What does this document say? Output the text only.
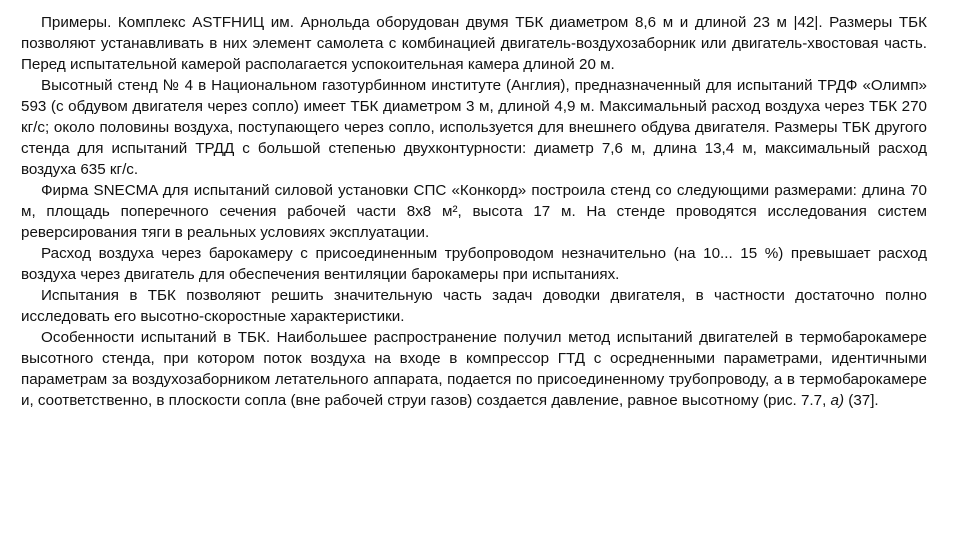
Примеры. Комплекс ASTFНИЦ им. Арнольда оборудован двумя ТБК диаметром 8,6 м и длиной 23 м |42|. Размеры ТБК позволяют устанавливать в них элемент самолета с комбинацией двигатель-воздухозаборник или двигатель-хвостовая часть. Перед испытательной камерой располагается успокоительная камера длиной 20 м.

Высотный стенд № 4 в Национальном газотурбинном институте (Англия), предназначенный для испытаний ТРДФ «Олимп» 593 (с обдувом двигателя через сопло) имеет ТБК диаметром 3 м, длиной 4,9 м. Максимальный расход воздуха через ТБК 270 кг/с; около половины воздуха, поступающего через сопло, используется для внешнего обдува двигателя. Размеры ТБК другого стенда для испытаний ТРДД с большой степенью двухконтурности: диаметр 7,6 м, длина 13,4 м, максимальный расход воздуха 635 кг/с.

Фирма SNECMA для испытаний силовой установки СПС «Конкорд» построила стенд со следующими размерами: длина 70 м, площадь поперечного сечения рабочей части 8х8 м², высота 17 м. На стенде проводятся исследования систем реверсирования тяги в реальных условиях эксплуатации.

Расход воздуха через барокамеру с присоединенным трубопроводом незначительно (на 10... 15 %) превышает расход воздуха через двигатель для обеспечения вентиляции барокамеры при испытаниях.

Испытания в ТБК позволяют решить значительную часть задач доводки двигателя, в частности достаточно полно исследовать его высотно-скоростные характеристики.

Особенности испытаний в ТБК. Наибольшее распространение получил метод испытаний двигателей в термобарокамере высотного стенда, при котором поток воздуха на входе в компрессор ГТД с осредненными параметрами, идентичными параметрам за воздухозаборником летательного аппарата, подается по присоединенному трубопроводу, а в термобарокамере и, соответственно, в плоскости сопла (вне рабочей струи газов) создается давление, равное высотному (рис. 7.7, а) (37].
